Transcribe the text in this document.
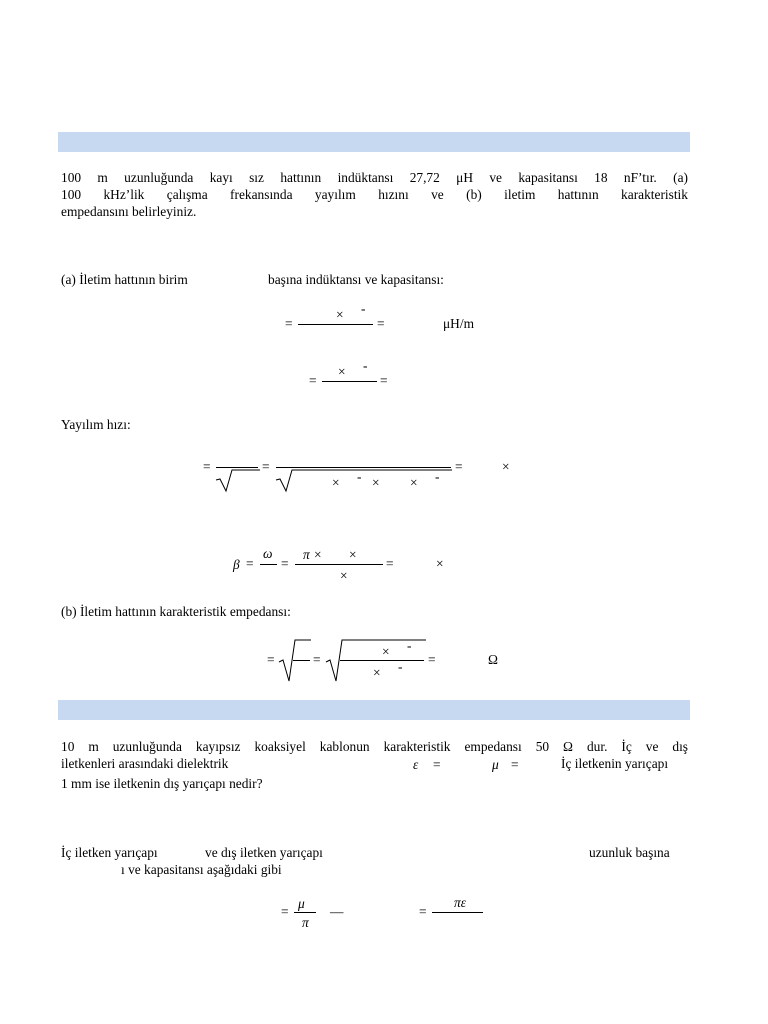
100 m uzunluğunda kayı sız hattının indüktansı 27,72 μH ve kapasitansı 18 nF’tır. (a)
100 kHz’lik çalışma frekansında yayılım hızını ve (b) iletim hattının karakteristik
empedansını belirleyiniz.
(a) İletim hattının birim	başına indüktansı ve kapasitansı:
=
× -
=	μH/m
=
× -
=
Yayılım hızı:
=	=
× - × × -
=	×
β =
ω
=
π × ×
×
=	×
(b) İletim hattının karakteristik empedansı:
=	=
× -
× - =	Ω
10 m uzunluğunda kayıpsız koaksiyel kablonun karakteristik empedansı 50 Ω dur. İç ve dış
iletkenleri arasındaki dielektrik	ε =	μ =	İç iletkenin yarıçapı
1 mm ise iletkenin dış yarıçapı nedir?
İç iletken yarıçapı	ve dış iletken yarıçapı	uzunluk başına
ı ve kapasitansı aşağıdaki gibi
=
μ
π
—	=
πε
